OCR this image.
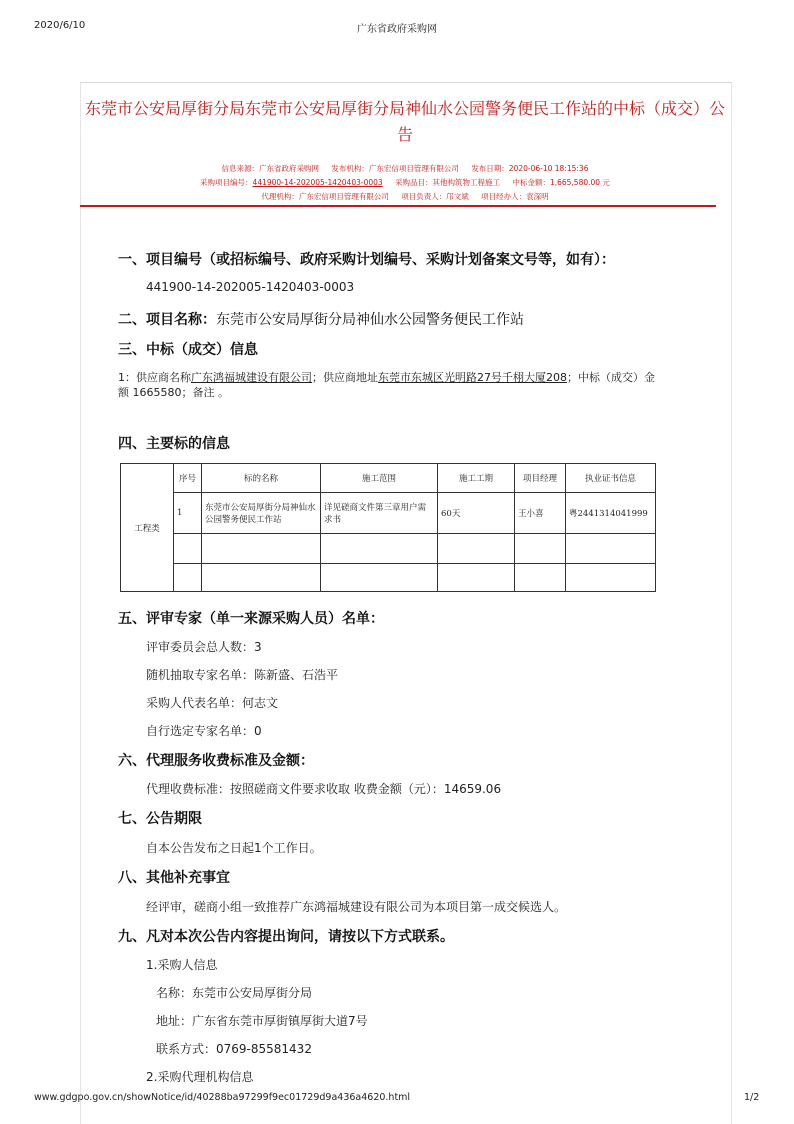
2020/6/10	广东省政府采购网
东莞市公安局厚街分局东莞市公安局厚街分局神仙水公园警务便民工作站的中标（成交）公告
信息来源：广东省政府采购网 发布机构：广东宏信项目管理有限公司 发布日期：2020-06-10 18:15:36
采购项目编号：441900-14-202005-1420403-0003 采购品目：其他构筑物工程施工 中标金额：1,665,580.00 元
代理机构：广东宏信项目管理有限公司 项目负责人：邝文斌 项目经办人：袁深明
一、项目编号（或招标编号、政府采购计划编号、采购计划备案文号等，如有）：
441900-14-202005-1420403-0003
二、项目名称：东莞市公安局厚街分局神仙水公园警务便民工作站
三、中标（成交）信息
1：供应商名称广东鸿福城建设有限公司；供应商地址东莞市东城区光明路27号千栩大厦208；中标（成交）金
额 1665580；备注 。
四、主要标的信息
工程类	序号	标的名称	施工范围	施工工期	项目经理	执业证书信息
	1	东莞市公安局厚街分局神仙水公园警务便民工作站	详见磋商文件第三章用户需求书	60天	王小喜	粤2441314041999

五、评审专家（单一来源采购人员）名单：
评审委员会总人数：3
随机抽取专家名单：陈新盛、石浩平
采购人代表名单：何志文
自行选定专家名单：0
六、代理服务收费标准及金额：
代理收费标准：按照磋商文件要求收取 收费金额（元）：14659.06
七、公告期限
自本公告发布之日起1个工作日。
八、其他补充事宜
经评审，磋商小组一致推荐广东鸿福城建设有限公司为本项目第一成交候选人。
九、凡对本次公告内容提出询问，请按以下方式联系。
1.采购人信息
名称：东莞市公安局厚街分局
地址：广东省东莞市厚街镇厚街大道7号
联系方式：0769-85581432
2.采购代理机构信息
www.gdgpo.gov.cn/showNotice/id/40288ba97299f9ec01729d9a436a4620.html	1/2
